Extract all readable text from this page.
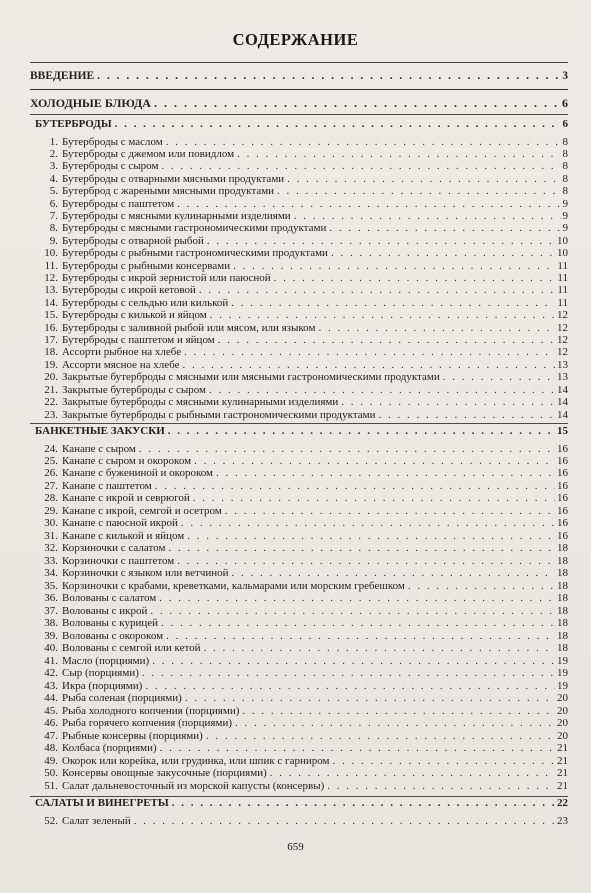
СОДЕРЖАНИЕ
ВВЕДЕНИЕ . . .	3
ХОЛОДНЫЕ БЛЮДА . . .	6
БУТЕРБРОДЫ . . .	6
БАНКЕТНЫЕ ЗАКУСКИ . . .	15
САЛАТЫ И ВИНЕГРЕТЫ . . .	22
659
1. Бутерброды с маслом . . .	8
2. Бутерброды с джемом или повидлом . . .	8
3. Бутерброды с сыром . . .	8
4. Бутерброды с отварными мясными продуктами . . .	8
5. Бутерброд с жареными мясными продуктами . . .	8
6. Бутерброды с паштетом . . .	9
7. Бутерброды с мясными кулинарными изделиями . . .	9
8. Бутерброды с мясными гастрономическими продуктами . . .	9
9. Бутерброды с отварной рыбой . . .	10
10. Бутерброды с рыбными гастрономическими продуктами . . .	10
11. Бутерброды с рыбными консервами . . .	11
12. Бутерброды с икрой зернистой или паюсной . . .	11
13. Бутерброды с икрой кетовой . . .	11
14. Бутерброды с сельдью или килькой . . .	11
15. Бутерброды с килькой и яйцом . . .	12
16. Бутерброды с заливной рыбой или мясом, или языком . . .	12
17. Бутерброды с паштетом и яйцом . . .	12
18. Ассорти рыбное на хлебе . . .	12
19. Ассорти мясное на хлебе . . .	13
20. Закрытые бутерброды с мясными или мясными гастрономическими продуктами . . .	13
21. Закрытые бутерброды с сыром . . .	14
22. Закрытые бутерброды с мясными кулинарными изделиями . . .	14
23. Закрытые бутерброды с рыбными гастрономическими продуктами . . .	14
24. Канапе с сыром . . .	16
25. Канапе с сыром и окороком . . .	16
26. Канапе с бужениной и окороком . . .	16
27. Канапе с паштетом . . .	16
28. Канапе с икрой и севрюгой . . .	16
29. Канапе с икрой, семгой и осетром . . .	16
30. Канапе с паюсной икрой . . .	16
31. Канапе с килькой и яйцом . . .	16
32. Корзиночки с салатом . . .	18
33. Корзиночки с паштетом . . .	18
34. Корзиночки с языком или ветчиной . . .	18
35. Корзиночки с крабами, креветками, кальмарами или морским гребешком . . .	18
36. Волованы с салатом . . .	18
37. Волованы с икрой . . .	18
38. Волованы с курицей . . .	18
39. Волованы с окороком . . .	18
40. Волованы с семгой или кетой . . .	18
41. Масло (порциями) . . .	19
42. Сыр (порциями) . . .	19
43. Икра (порциями) . . .	19
44. Рыба соленая (порциями) . . .	20
45. Рыба холодного копчения (порциями) . . .	20
46. Рыба горячего копчения (порциями) . . .	20
47. Рыбные консервы (порциями) . . .	20
48. Колбаса (порциями) . . .	21
49. Окорок или корейка, или грудинка, или шпик с гарниром . . .	21
50. Консервы овощные закусочные (порциями) . . .	21
51. Салат дальневосточный из морской капусты (консервы) . . .	21
52. Салат зеленый . . .	23
